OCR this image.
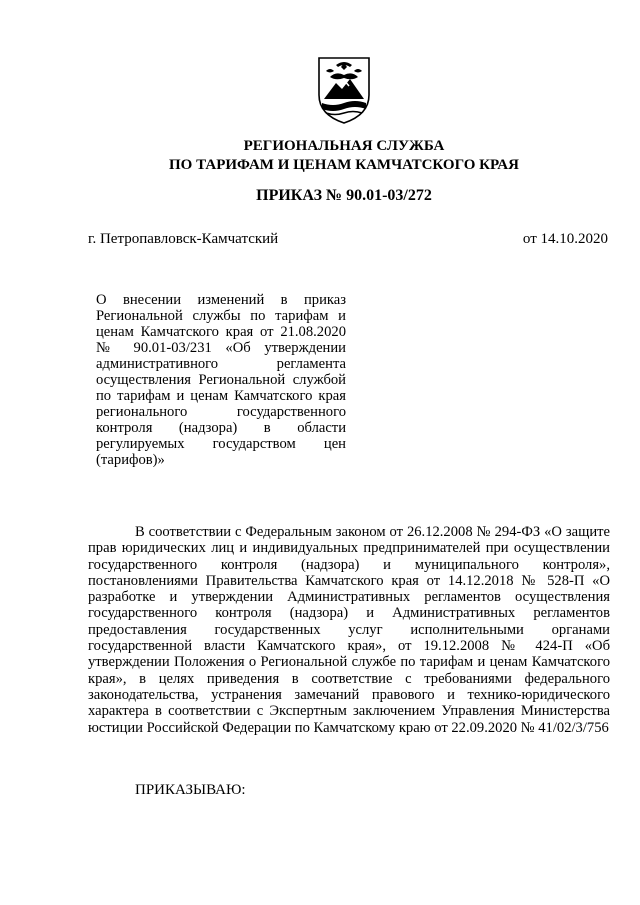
РЕГИОНАЛЬНАЯ СЛУЖБА
ПО ТАРИФАМ И ЦЕНАМ КАМЧАТСКОГО КРАЯ
ПРИКАЗ № 90.01-03/272
г. Петропавловск-Камчатский	от 14.10.2020
О внесении изменений в приказ Региональной службы по тарифам и ценам Камчатского края от 21.08.2020 № 90.01-03/231 «Об утверждении административного регламента осуществления Региональной службой по тарифам и ценам Камчатского края регионального государственного контроля (надзора) в области регулируемых государством цен (тарифов)»
В соответствии с Федеральным законом от 26.12.2008 № 294-ФЗ «О защите прав юридических лиц и индивидуальных предпринимателей при осуществлении государственного контроля (надзора) и муниципального контроля», постановлениями Правительства Камчатского края от 14.12.2018 № 528-П «О разработке и утверждении Административных регламентов осуществления государственного контроля (надзора) и Административных регламентов предоставления государственных услуг исполнительными органами государственной власти Камчатского края», от 19.12.2008 № 424-П «Об утверждении Положения о Региональной службе по тарифам и ценам Камчатского края», в целях приведения в соответствие с требованиями федерального законодательства, устранения замечаний правового и технико-юридического характера в соответствии с Экспертным заключением Управления Министерства юстиции Российской Федерации по Камчатскому краю от 22.09.2020 № 41/02/3/756
ПРИКАЗЫВАЮ:
